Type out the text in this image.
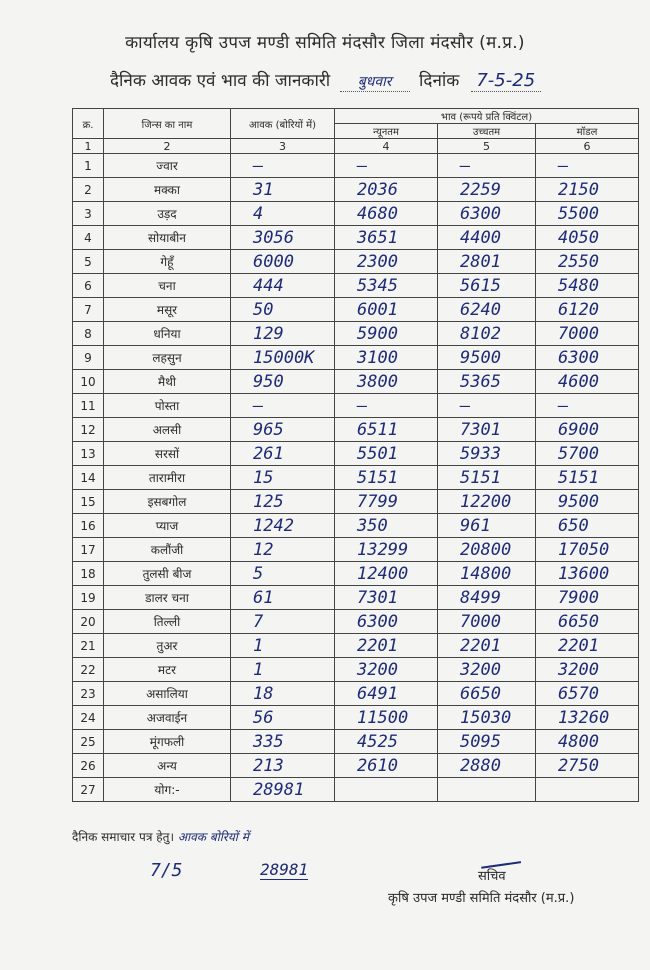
कार्यालय कृषि उपज मण्डी समिति मंदसौर जिला मंदसौर (म.प्र.)
दैनिक आवक एवं भाव की जानकारी बुधवार दिनांक 7-5-25
क्र.	जिन्स का नाम	आवक (बोरियों में)	भाव (रूपये प्रति क्विंटल)		
			न्यूनतम	उच्चतम	मॉडल
1	2	3	4	5	6
1	ज्वार	—	—	—	—
2	मक्का	31	2036	2259	2150
3	उड़द	4	4680	6300	5500
4	सोयाबीन	3056	3651	4400	4050
5	गेहूँ	6000	2300	2801	2550
6	चना	444	5345	5615	5480
7	मसूर	50	6001	6240	6120
8	धनिया	129	5900	8102	7000
9	लहसुन	15000K	3100	9500	6300
10	मैथी	950	3800	5365	4600
11	पोस्ता	—	—	—	—
12	अलसी	965	6511	7301	6900
13	सरसों	261	5501	5933	5700
14	तारामीरा	15	5151	5151	5151
15	इसबगोल	125	7799	12200	9500
16	प्याज	1242	350	961	650
17	कलौंजी	12	13299	20800	17050
18	तुलसी बीज	5	12400	14800	13600
19	डालर चना	61	7301	8499	7900
20	तिल्ली	7	6300	7000	6650
21	तुअर	1	2201	2201	2201
22	मटर	1	3200	3200	3200
23	असालिया	18	6491	6650	6570
24	अजवाईन	56	11500	15030	13260
25	मूंगफली	335	4525	5095	4800
26	अन्य	213	2610	2880	2750
27	योग:-	28981			
दैनिक समाचार पत्र हेतु। आवक बोरियों में
7/5	28981	सचिव
कृषि उपज मण्डी समिति मंदसौर (म.प्र.)
